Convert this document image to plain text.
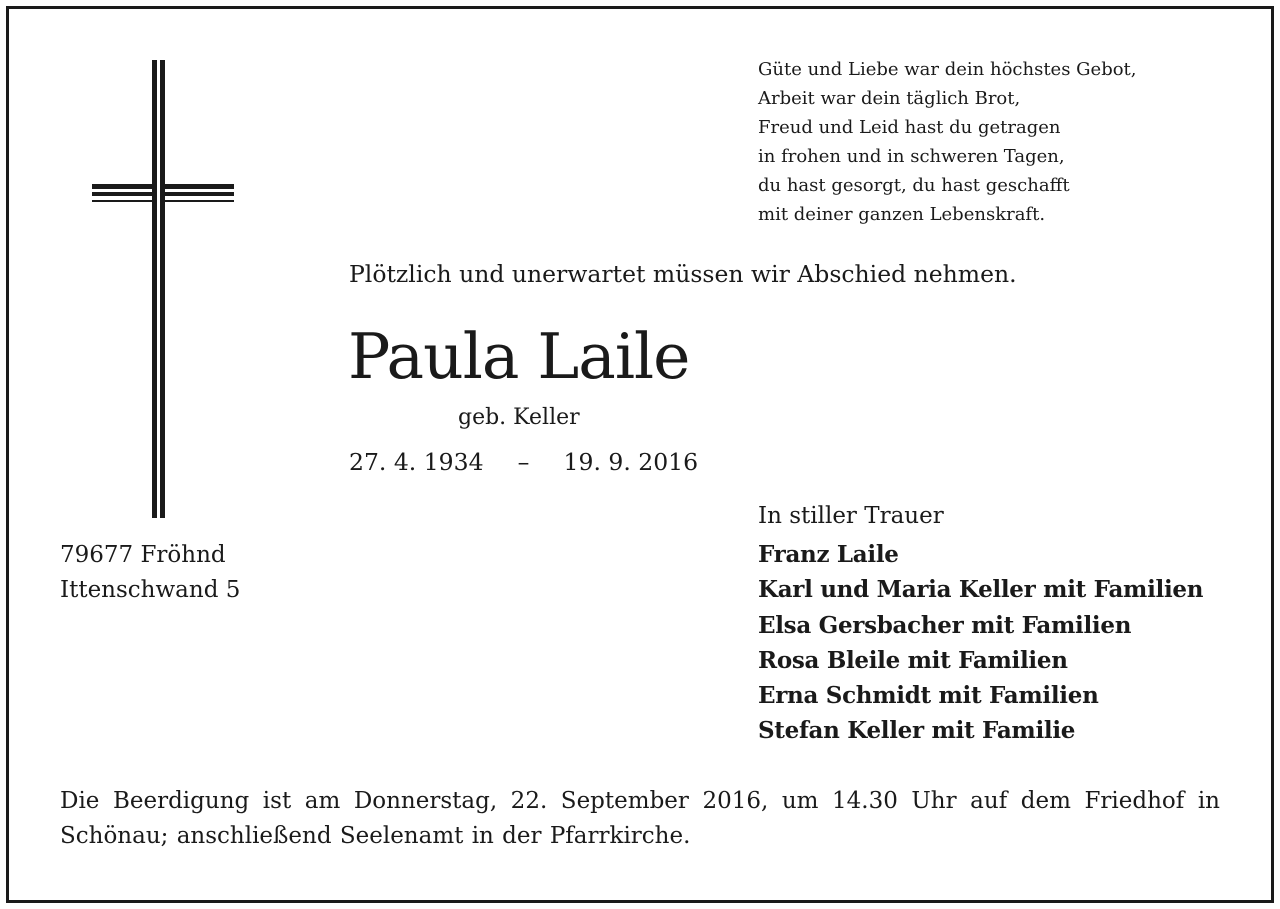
Güte und Liebe war dein höchstes Gebot,
Arbeit war dein täglich Brot,
Freud und Leid hast du getragen
in frohen und in schweren Tagen,
du hast gesorgt, du hast geschafft
mit deiner ganzen Lebenskraft.
Plötzlich und unerwartet müssen wir Abschied nehmen.
Paula Laile
geb. Keller
27. 4. 1934 – 19. 9. 2016
79677 Fröhnd
Ittenschwand 5
In stiller Trauer
Franz Laile
Karl und Maria Keller mit Familien
Elsa Gersbacher mit Familien
Rosa Bleile mit Familien
Erna Schmidt mit Familien
Stefan Keller mit Familie
Die Beerdigung ist am Donnerstag, 22. September 2016, um 14.30 Uhr auf dem Friedhof in Schönau; anschließend Seelenamt in der Pfarrkirche.
